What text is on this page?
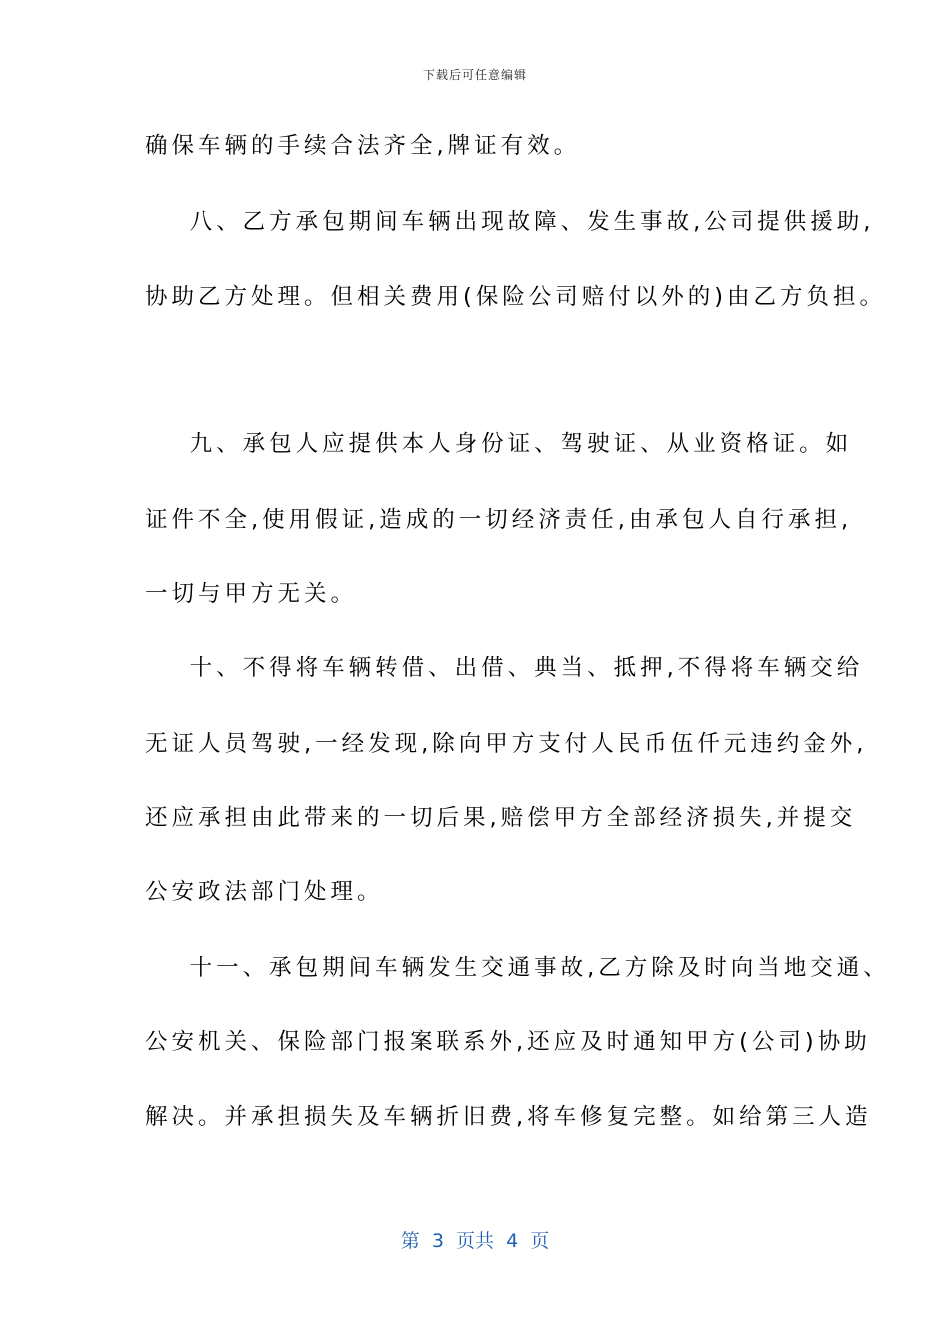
下载后可任意编辑
确保车辆的手续合法齐全,牌证有效。
八、乙方承包期间车辆出现故障、发生事故,公司提供援助,
协助乙方处理。但相关费用(保险公司赔付以外的)由乙方负担。
九、承包人应提供本人身份证、驾驶证、从业资格证。如
证件不全,使用假证,造成的一切经济责任,由承包人自行承担,
一切与甲方无关。
十、不得将车辆转借、出借、典当、抵押,不得将车辆交给
无证人员驾驶,一经发现,除向甲方支付人民币伍仟元违约金外,
还应承担由此带来的一切后果,赔偿甲方全部经济损失,并提交
公安政法部门处理。
十一、承包期间车辆发生交通事故,乙方除及时向当地交通、
公安机关、保险部门报案联系外,还应及时通知甲方(公司)协助
解决。并承担损失及车辆折旧费,将车修复完整。如给第三人造
第  3  页共  4  页
